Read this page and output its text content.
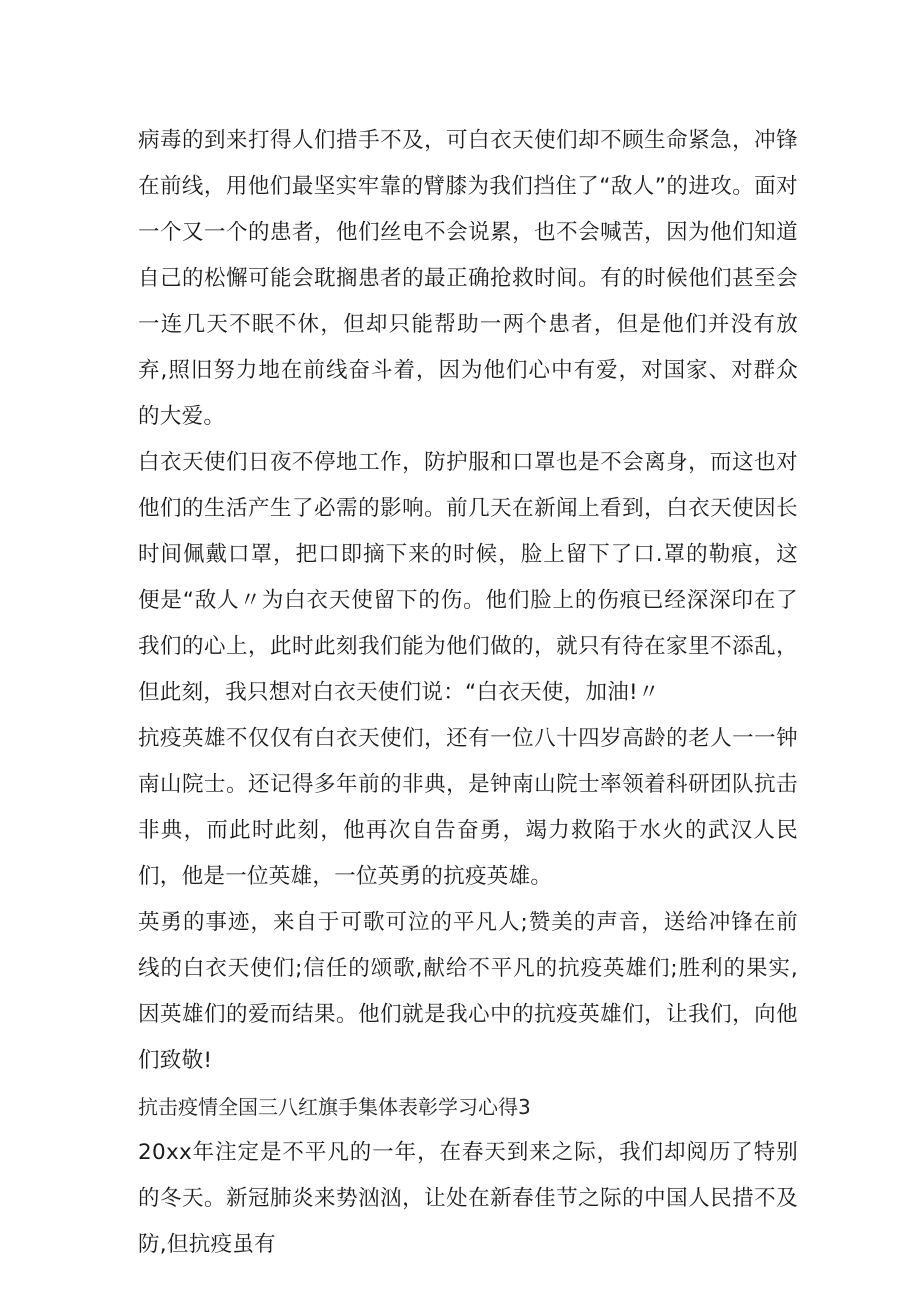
病毒的到来打得人们措手不及，可白衣天使们却不顾生命紧急，冲锋在前线，用他们最坚实牢靠的臂膝为我们挡住了“敌人”的进攻。面对一个又一个的患者，他们丝电不会说累，也不会喊苦，因为他们知道自己的松懈可能会耽搁患者的最正确抢救时间。有的时候他们甚至会一连几天不眠不休，但却只能帮助一两个患者，但是他们并没有放弃,照旧努力地在前线奋斗着，因为他们心中有爱，对国家、对群众的大爱。

白衣天使们日夜不停地工作，防护服和口罩也是不会离身，而这也对他们的生活产生了必需的影响。前几天在新闻上看到，白衣天使因长时间佩戴口罩，把口即摘下来的时候，脸上留下了口.罩的勒痕，这便是“敌人〃为白衣天使留下的伤。他们脸上的伤痕已经深深印在了我们的心上，此时此刻我们能为他们做的，就只有待在家里不添乱，但此刻，我只想对白衣天使们说：“白衣天使，加油!〃

抗疫英雄不仅仅有白衣天使们，还有一位八十四岁高龄的老人一一钟南山院士。还记得多年前的非典，是钟南山院士率领着科研团队抗击非典，而此时此刻，他再次自告奋勇，竭力救陷于水火的武汉人民们，他是一位英雄，一位英勇的抗疫英雄。

英勇的事迹，来自于可歌可泣的平凡人;赞美的声音，送给冲锋在前线的白衣天使们;信任的颂歌,献给不平凡的抗疫英雄们;胜利的果实,因英雄们的爱而结果。他们就是我心中的抗疫英雄们，让我们，向他们致敬!

抗击疫情全国三八红旗手集体表彰学习心得3

20xx年注定是不平凡的一年，在春天到来之际，我们却阅历了特别的冬天。新冠肺炎来势汹汹，让处在新春佳节之际的中国人民措不及防,但抗疫虽有
